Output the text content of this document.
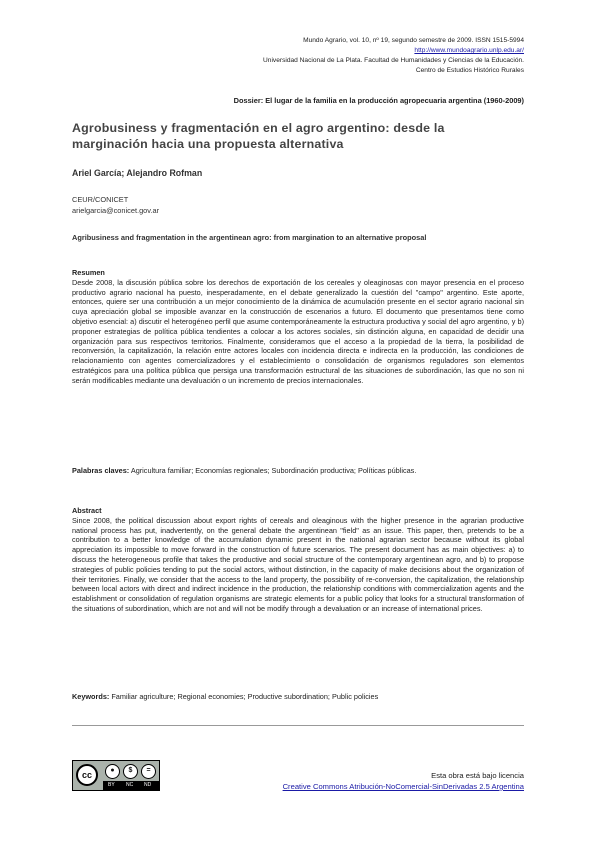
Mundo Agrario, vol. 10, nº 19, segundo semestre de 2009. ISSN 1515-5994
http://www.mundoagrario.unlp.edu.ar/
Universidad Nacional de La Plata. Facultad de Humanidades y Ciencias de la Educación.
Centro de Estudios Histórico Rurales
Dossier: El lugar de la familia en la producción agropecuaria argentina (1960-2009)
Agrobusiness y fragmentación en el agro argentino: desde la marginación hacia una propuesta alternativa
Ariel García; Alejandro Rofman
CEUR/CONICET
arielgarcia@conicet.gov.ar
Agribusiness and fragmentation in the argentinean agro: from margination to an alternative proposal
Resumen

Desde 2008, la discusión pública sobre los derechos de exportación de los cereales y oleaginosas con mayor presencia en el proceso productivo agrario nacional ha puesto, inesperadamente, en el debate generalizado la cuestión del "campo" argentino. Este aporte, entonces, quiere ser una contribución a un mejor conocimiento de la dinámica de acumulación presente en el sector agrario nacional sin cuya apreciación global se imposible avanzar en la construcción de escenarios a futuro. El documento que presentamos tiene como objetivo esencial: a) discutir el heterogéneo perfil que asume contemporáneamente la estructura productiva y social del agro argentino, y b) proponer estrategias de política pública tendientes a colocar a los actores sociales, sin distinción alguna, en capacidad de decidir una organización para sus respectivos territorios. Finalmente, consideramos que el acceso a la propiedad de la tierra, la posibilidad de reconversión, la capitalización, la relación entre actores locales con incidencia directa e indirecta en la producción, las condiciones de relacionamiento con agentes comercializadores y el establecimiento o consolidación de organismos reguladores son elementos estratégicos para una política pública que persiga una transformación estructural de las situaciones de subordinación, las que no son ni serán modificables mediante una devaluación o un incremento de precios internacionales.

Palabras claves: Agricultura familiar; Economías regionales; Subordinación productiva; Políticas públicas.
Abstract

Since 2008, the political discussion about export rights of cereals and oleaginous with the higher presence in the agrarian productive national process has put, inadvertently, on the general debate the argentinean "field" as an issue. This paper, then, pretends to be a contribution to a better knowledge of the accumulation dynamic present in the national agrarian sector because without its global appreciation its impossible to move forward in the construction of future scenarios. The present document has as main objectives: a) to discuss the heterogeneous profile that takes the productive and social structure of the contemporary argentinean agro, and b) to propose strategies of public policies tending to put the social actors, without distinction, in the capacity of make decisions about the organization of their territories. Finally, we consider that the access to the land property, the possibility of re-conversion, the capitalization, the relationship between local actors with direct and indirect incidence in the production, the relationship conditions with commercialization agents and the establishment or consolidation of regulation organisms are strategic elements for a public policy that looks for a structural transformation of the situations of subordination, which are not and will not be modify through a devaluation or an increase of international prices.

Keywords: Familiar agriculture; Regional economies; Productive subordination; Public policies
cc	●	$	=
BY NC ND
Esta obra está bajo licencia
Creative Commons Atribución-NoComercial-SinDerivadas 2.5 Argentina
